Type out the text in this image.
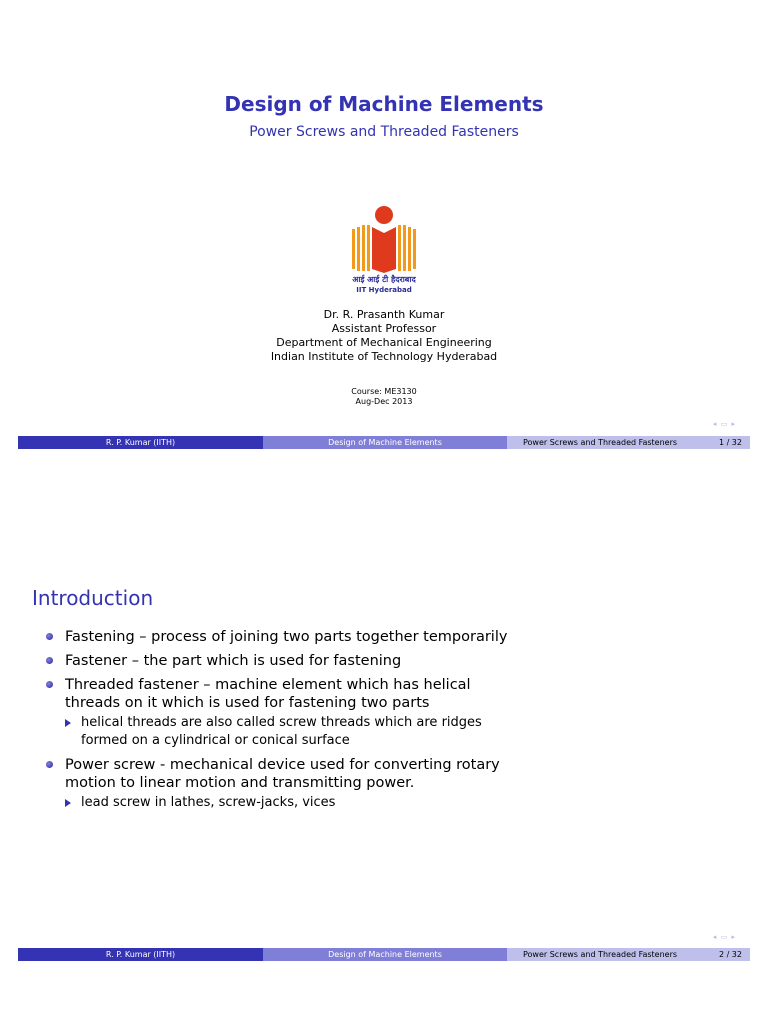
Design of Machine Elements
Power Screws and Threaded Fasteners
आई आई टी हैदराबाद
IIT Hyderabad
Dr. R. Prasanth Kumar
Assistant Professor
Department of Mechanical Engineering
Indian Institute of Technology Hyderabad
Course: ME3130
Aug-Dec 2013
◂ ▭ ▸
R. P. Kumar (IITH)	Design of Machine Elements	Power Screws and Threaded Fasteners	1 / 32
Introduction
Fastening – process of joining two parts together temporarily
Fastener – the part which is used for fastening
Threaded fastener – machine element which has helical threads on it which is used for fastening two parts
helical threads are also called screw threads which are ridges formed on a cylindrical or conical surface
Power screw - mechanical device used for converting rotary motion to linear motion and transmitting power.
lead screw in lathes, screw-jacks, vices
◂ ▭ ▸
R. P. Kumar (IITH)	Design of Machine Elements	Power Screws and Threaded Fasteners	2 / 32
